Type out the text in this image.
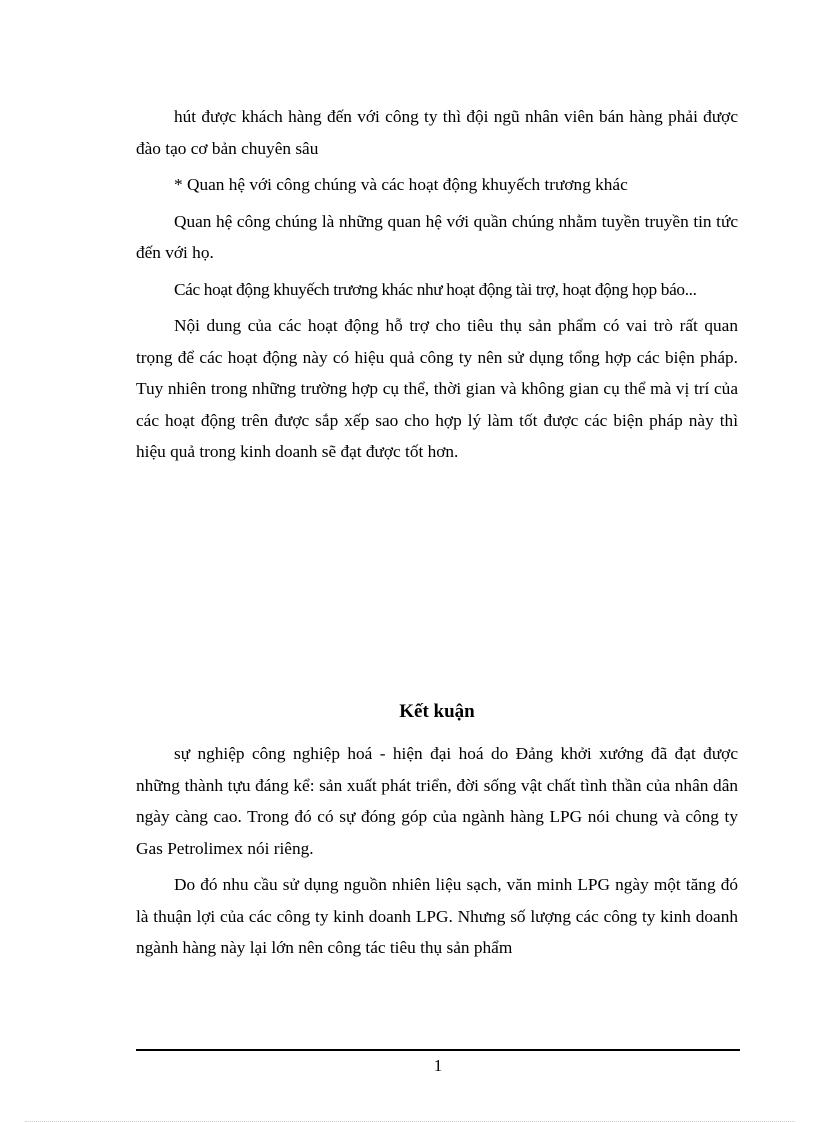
hút được khách hàng đến với công ty thì đội ngũ nhân viên bán hàng phải được đào tạo cơ bản chuyên sâu

* Quan hệ với công chúng và các hoạt động khuyếch trương khác

Quan hệ công chúng là những quan hệ với quần chúng nhằm tuyền truyền tin tức đến với họ.

Các hoạt động khuyếch trương khác như hoạt động tài trợ, hoạt động họp báo...

Nội dung của các hoạt động hỗ trợ cho tiêu thụ sản phẩm có vai trò rất quan trọng để các hoạt động này có hiệu quả công ty nên sử dụng tổng hợp các biện pháp. Tuy nhiên trong những trường hợp cụ thể, thời gian và không gian cụ thể mà vị trí của các hoạt động trên được sắp xếp sao cho hợp lý làm tốt được các biện pháp này thì hiệu quả trong kinh doanh sẽ đạt được tốt hơn.

Kết kuận

sự nghiệp công nghiệp hoá - hiện đại hoá do Đảng khởi xướng đã đạt được những thành tựu đáng kể: sản xuất phát triển, đời sống vật chất tình thần của nhân dân ngày càng cao. Trong đó có sự đóng góp của ngành hàng LPG nói chung và công ty Gas Petrolimex nói riêng.

Do đó nhu cầu sử dụng nguồn nhiên liệu sạch, văn minh LPG ngày một tăng đó là thuận lợi của các công ty kinh doanh LPG. Nhưng số lượng các công ty kinh doanh ngành hàng này lại lớn nên công tác tiêu thụ sản phẩm

1
